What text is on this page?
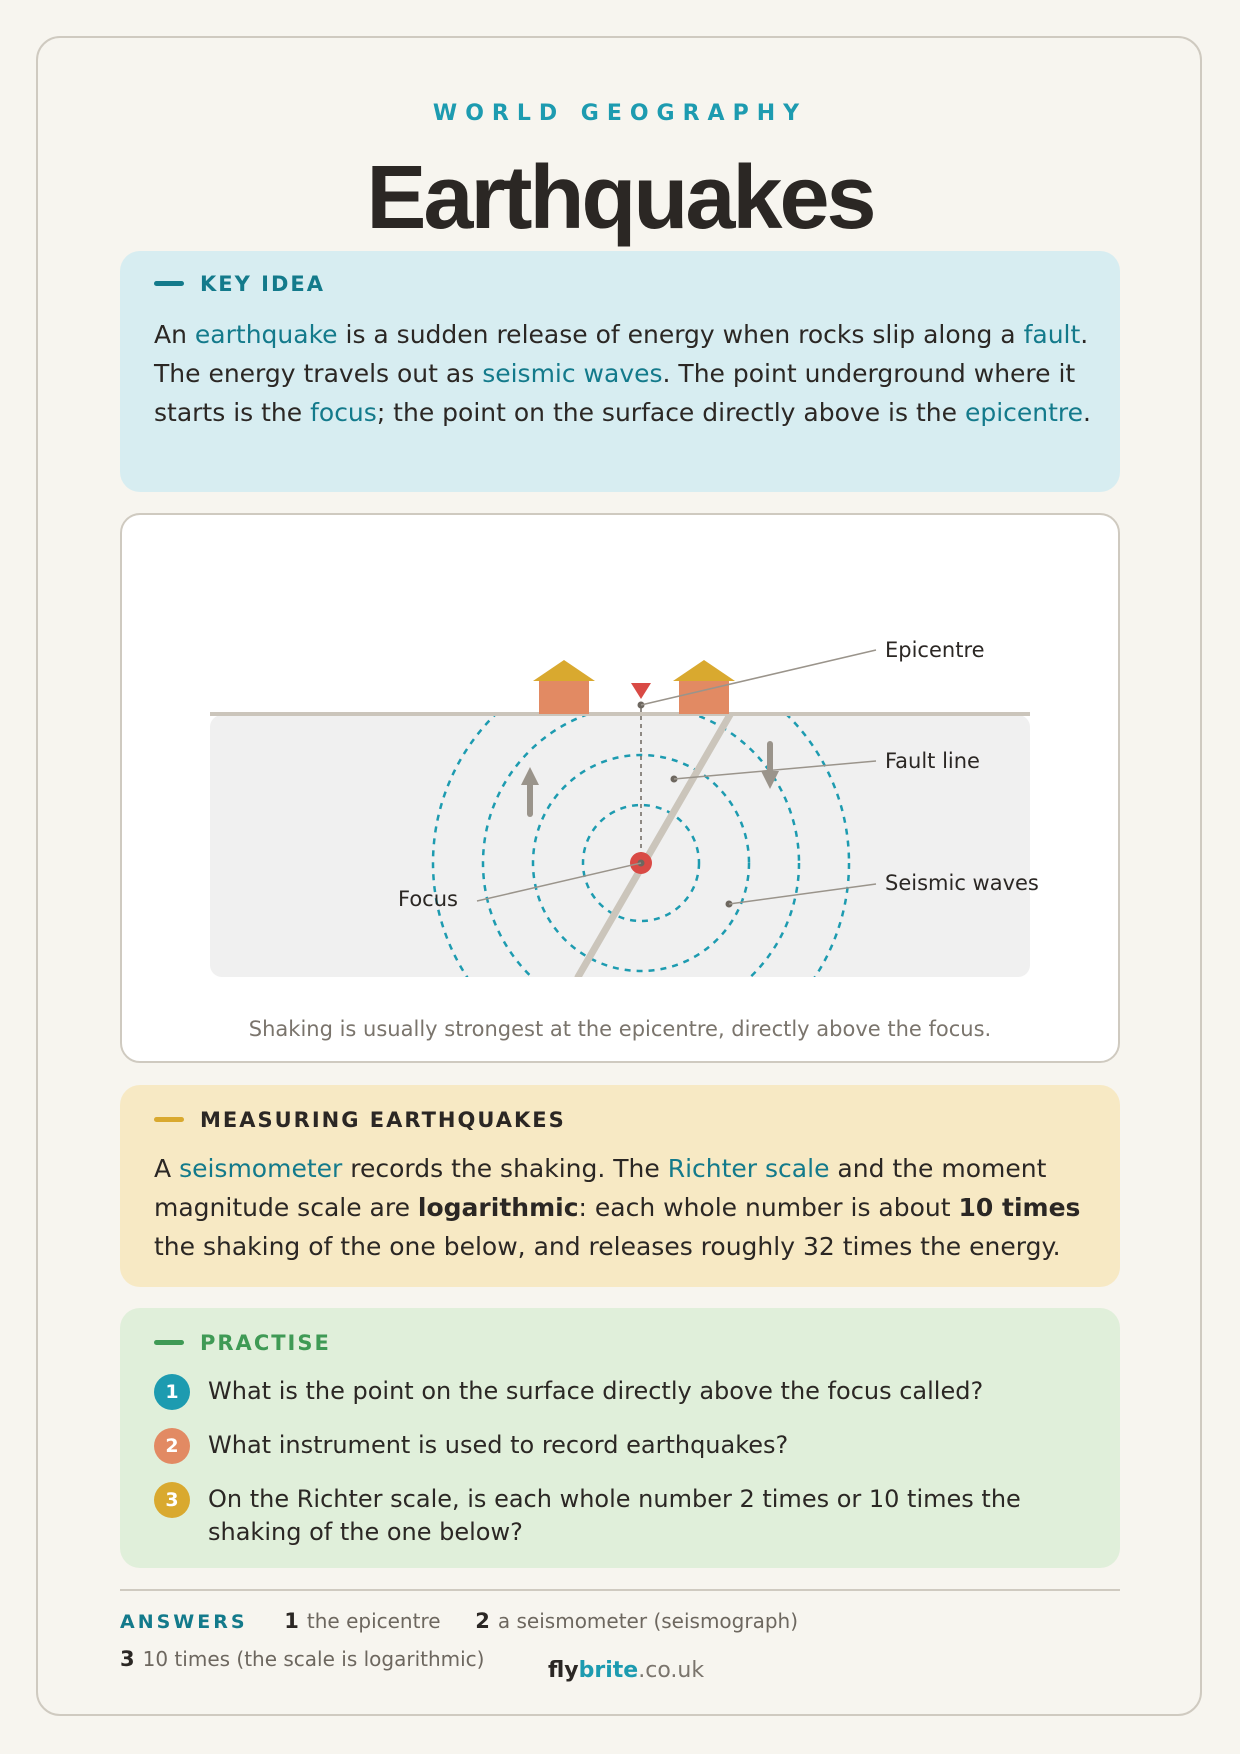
WORLD GEOGRAPHY
Earthquakes
KEY IDEA
An earthquake is a sudden release of energy when rocks slip along a fault. The energy travels out as seismic waves. The point underground where it starts is the focus; the point on the surface directly above is the epicentre.
Epicentre
Fault line
Seismic waves
Focus
Shaking is usually strongest at the epicentre, directly above the focus.
MEASURING EARTHQUAKES
A seismometer records the shaking. The Richter scale and the moment magnitude scale are logarithmic: each whole number is about 10 times the shaking of the one below, and releases roughly 32 times the energy.
PRACTISE
1	What is the point on the surface directly above the focus called?
2	What instrument is used to record earthquakes?
3	On the Richter scale, is each whole number 2 times or 10 times the shaking of the one below?
ANSWERS 1 the epicentre 2 a seismometer (seismograph)
3 10 times (the scale is logarithmic)	flybrite.co.uk
